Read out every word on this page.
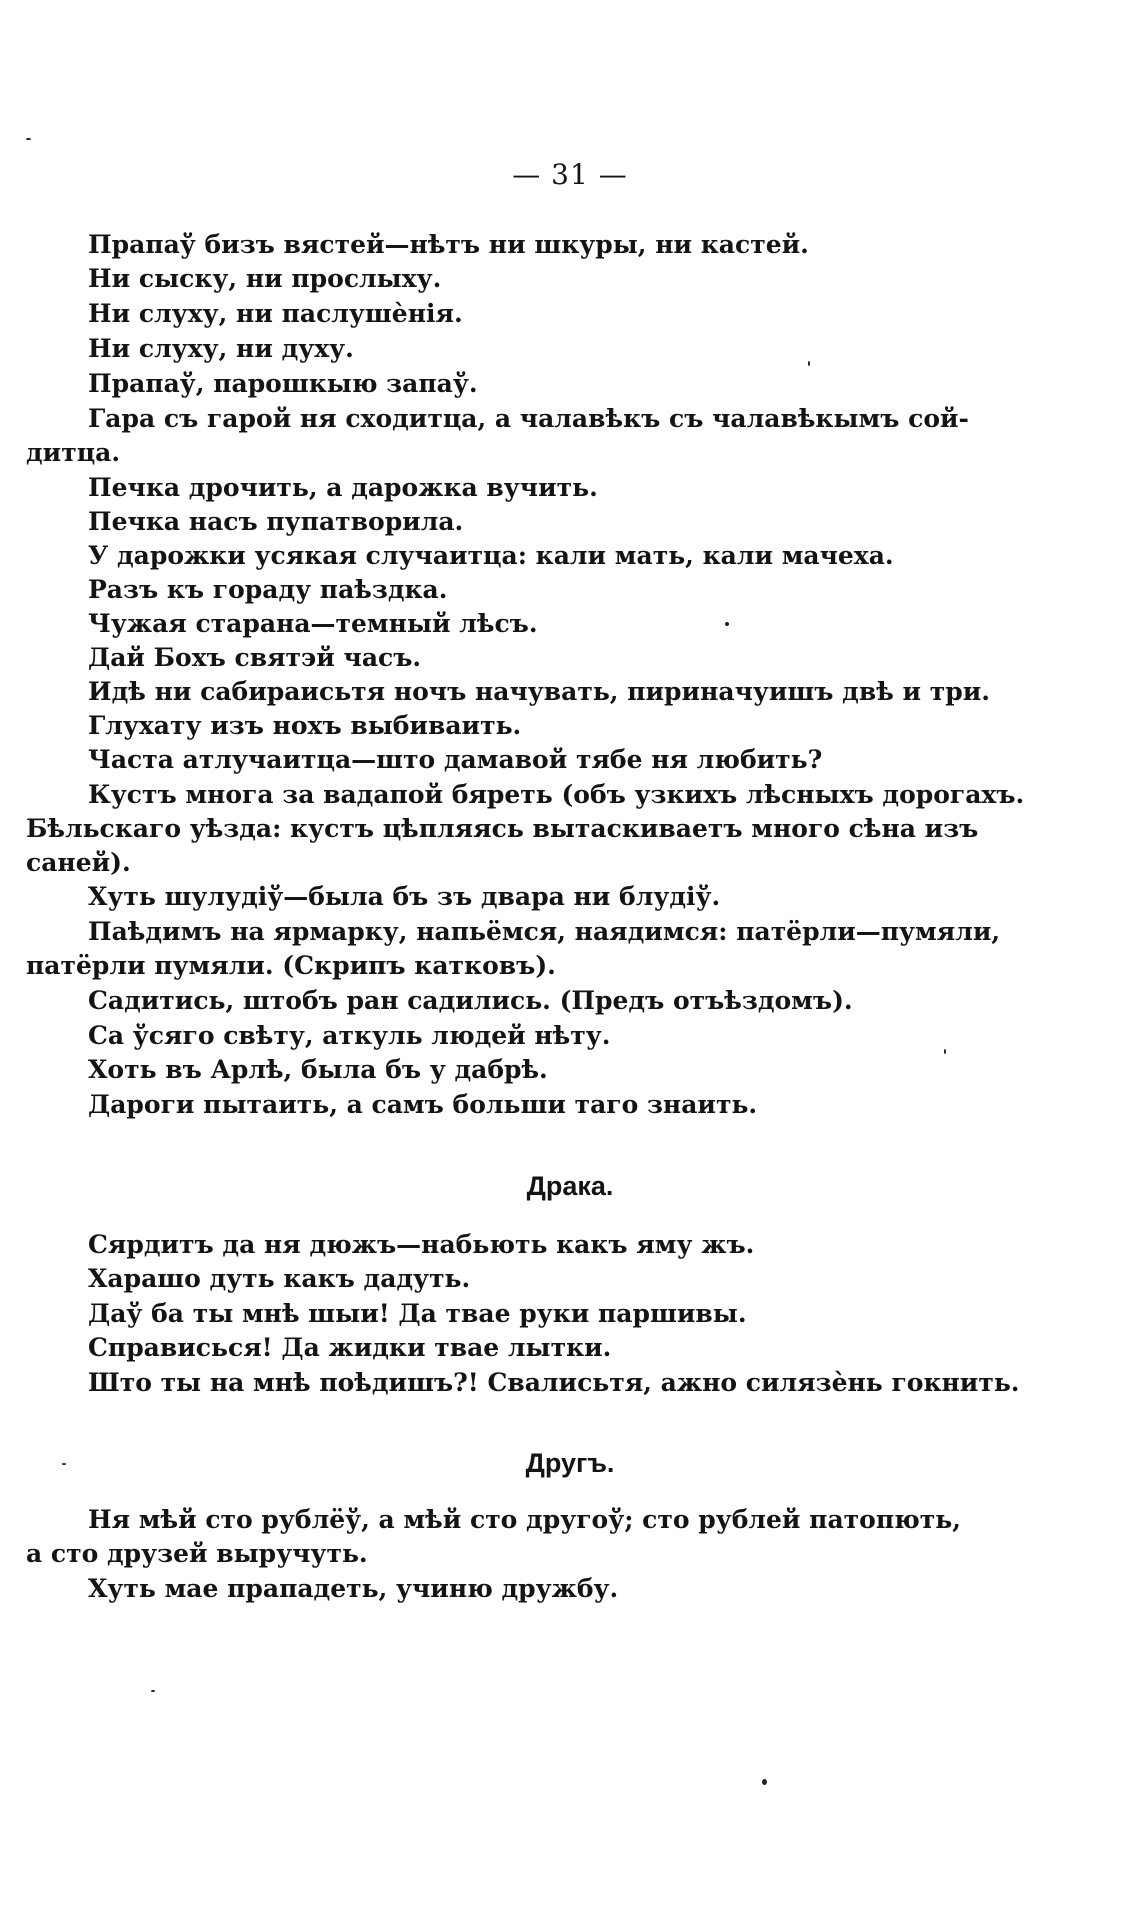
— 31 —
Прапаў бизъ вястей—нѣтъ ни шкуры, ни кастей.
Ни сыску, ни прослыху.
Ни слуху, ни паслушѐнія.
Ни слуху, ни духу.
Прапаў, парошкыю запаў.
Гара съ гарой ня сходитца, а чалавѣкъ съ чалавѣкымъ сой-
дитца.
Печка дрочить, а дарожка вучить.
Печка насъ пупатворила.
У дарожки усякая случаитца: кали мать, кали мачеха.
Разъ къ гораду паѣздка.
Чужая старана—темный лѣсъ.
Дай Бохъ святэй часъ.
Идѣ ни сабираисьтя ночъ начувать, пириначуишъ двѣ и три.
Глухату изъ нохъ выбиваить.
Часта атлучаитца—што дамавой тябе ня любить?
Кустъ многа за вадапой бяреть (объ узкихъ лѣсныхъ дорогахъ.
Бѣльскаго уѣзда: кустъ цѣпляясь вытаскиваетъ много сѣна изъ
саней).
Хуть шулудіў—была бъ зъ двара ни блудіў.
Паѣдимъ на ярмарку, напьёмся, наядимся: патёрли—пумяли,
патёрли пумяли. (Скрипъ катковъ).
Садитись, штобъ ран садились. (Предъ отъѣздомъ).
Са ўсяго свѣту, аткуль людей нѣту.
Хоть въ Арлѣ, была бъ у дабрѣ.
Дароги пытаить, а самъ больши таго знаить.
Драка.
Сярдитъ да ня дюжъ—набьють какъ яму жъ.
Харашо дуть какъ дадуть.
Даў ба ты мнѣ шыи! Да твае руки паршивы.
Справисься! Да жидки твае лытки.
Што ты на мнѣ поѣдишъ?! Свалисьтя, ажно силязѐнь гокнить.
Другъ.
Ня мѣй сто рублёў, а мѣй сто другоў; сто рублей патопють,
а сто друзей выручуть.
Хуть мае прападеть, учиню дружбу.
